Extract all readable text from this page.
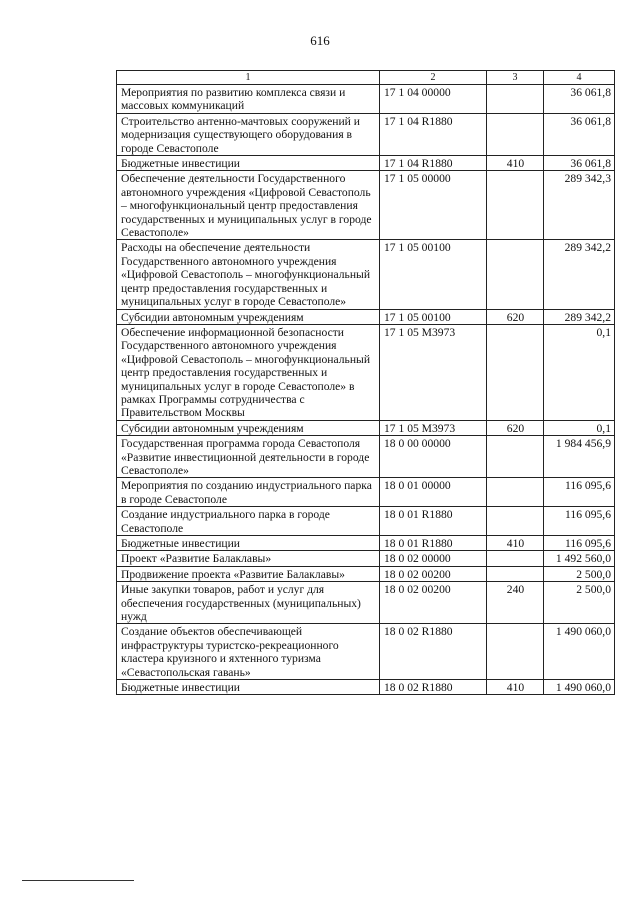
616
1	2	3	4
Мероприятия по развитию комплекса связи и массовых коммуникаций	17 1 04 00000		36 061,8
Строительство антенно-мачтовых сооружений и модернизация существующего оборудования в городе Севастополе	17 1 04 R1880		36 061,8
Бюджетные инвестиции	17 1 04 R1880	410	36 061,8
Обеспечение деятельности Государственного автономного учреждения «Цифровой Севастополь – многофункциональный центр предоставления государственных и муниципальных услуг в городе Севастополе»	17 1 05 00000		289 342,3
Расходы на обеспечение деятельности Государственного автономного учреждения «Цифровой Севастополь – многофункциональный центр предоставления государственных и муниципальных услуг в городе Севастополе»	17 1 05 00100		289 342,2
Субсидии автономным учреждениям	17 1 05 00100	620	289 342,2
Обеспечение информационной безопасности Государственного автономного учреждения «Цифровой Севастополь – многофункциональный центр предоставления государственных и муниципальных услуг в городе Севастополе» в рамках Программы сотрудничества с Правительством Москвы	17 1 05 M3973		0,1
Субсидии автономным учреждениям	17 1 05 M3973	620	0,1
Государственная программа города Севастополя «Развитие инвестиционной деятельности в городе Севастополе»	18 0 00 00000		1 984 456,9
Мероприятия по созданию индустриального парка в городе Севастополе	18 0 01 00000		116 095,6
Создание индустриального парка в городе Севастополе	18 0 01 R1880		116 095,6
Бюджетные инвестиции	18 0 01 R1880	410	116 095,6
Проект «Развитие Балаклавы»	18 0 02 00000		1 492 560,0
Продвижение проекта «Развитие Балаклавы»	18 0 02 00200		2 500,0
Иные закупки товаров, работ и услуг для обеспечения государственных (муниципальных) нужд	18 0 02 00200	240	2 500,0
Создание объектов обеспечивающей инфраструктуры туристско-рекреационного кластера круизного и яхтенного туризма «Севастопольская гавань»	18 0 02 R1880		1 490 060,0
Бюджетные инвестиции	18 0 02 R1880	410	1 490 060,0
